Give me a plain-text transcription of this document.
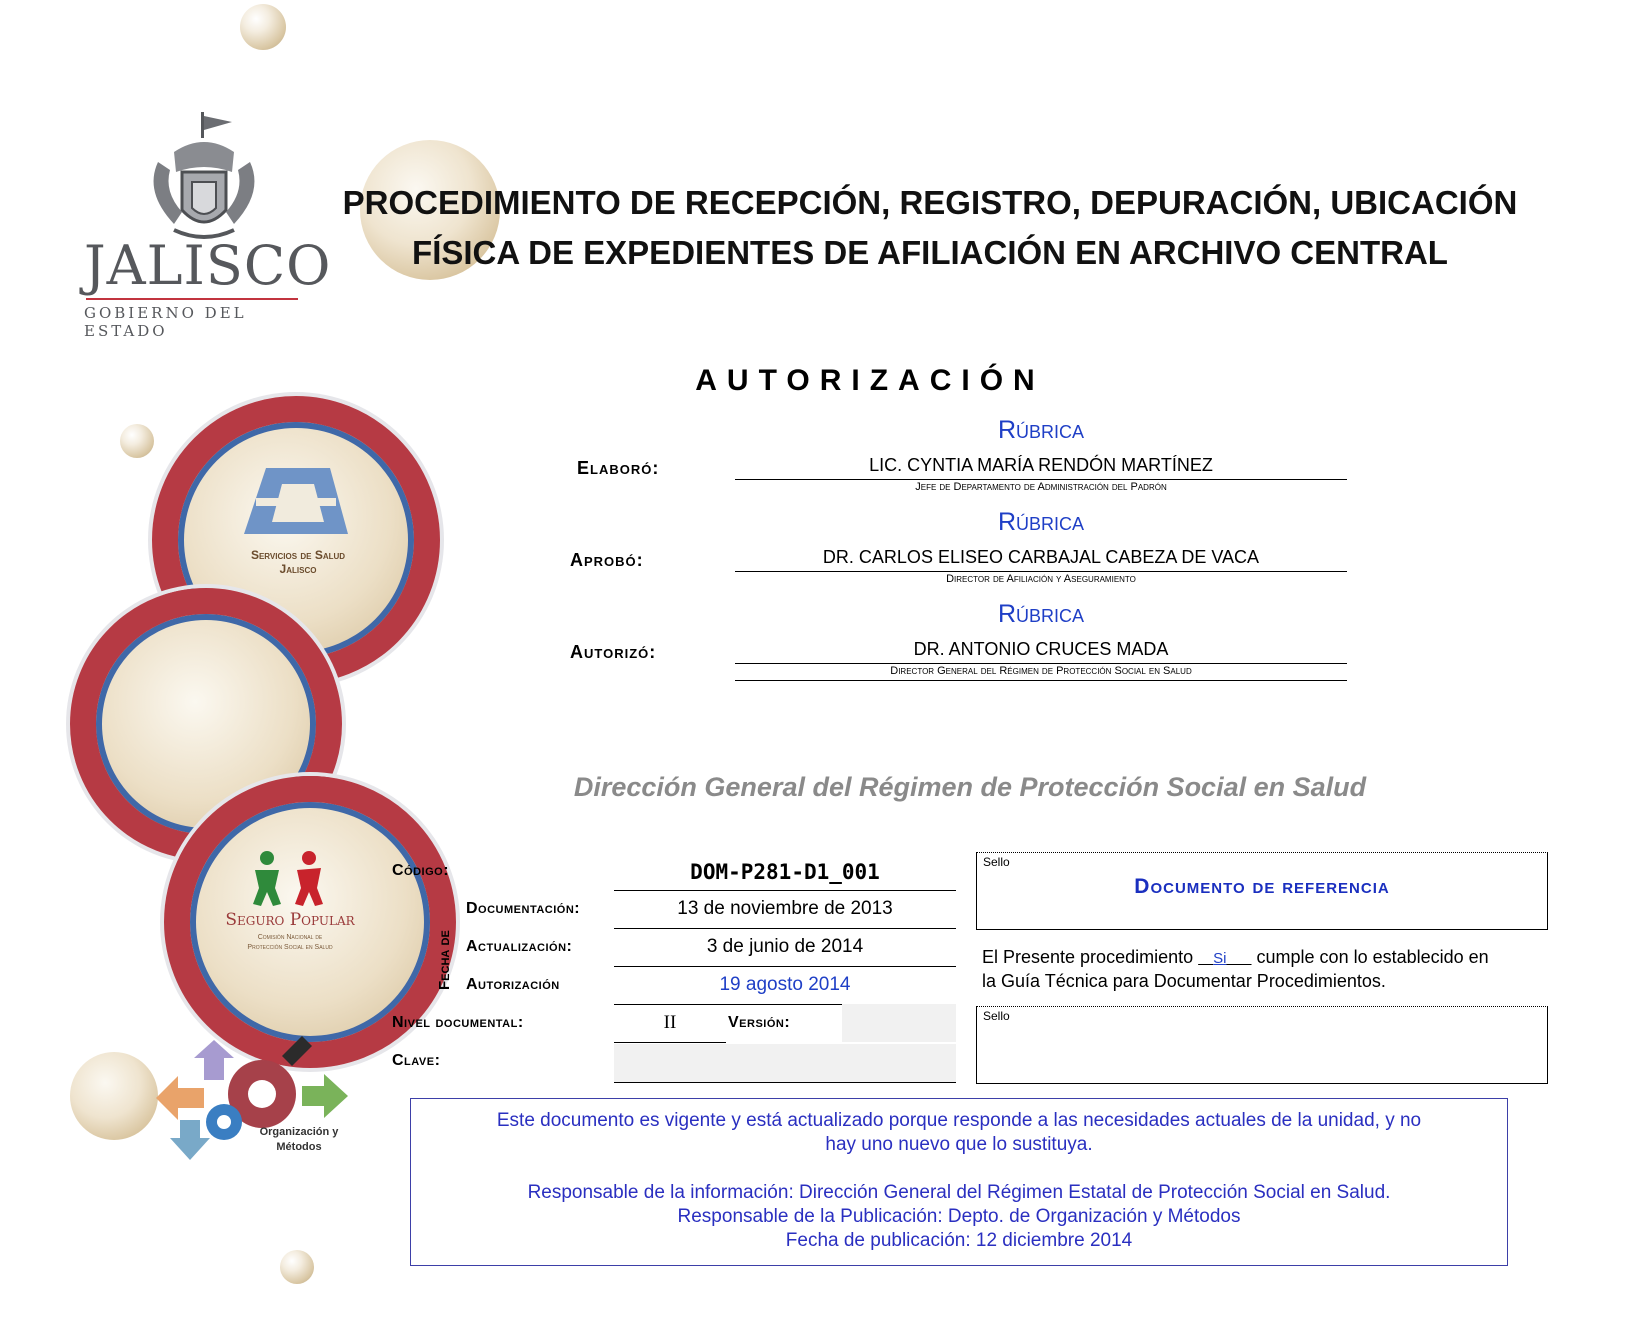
JALISCO
GOBIERNO DEL ESTADO
PROCEDIMIENTO DE RECEPCIÓN, REGISTRO, DEPURACIÓN, UBICACIÓN
FÍSICA DE EXPEDIENTES DE AFILIACIÓN EN ARCHIVO CENTRAL
Servicios de Salud
Jalisco
Seguro Popular
Comisión Nacional de
Protección Social en Salud
Organización y
Métodos
AUTORIZACIÓN
Elaboró:
Rúbrica
LIC. CYNTIA MARÍA RENDÓN MARTÍNEZ
Jefe de Departamento de Administración del Padrón
Aprobó:
Rúbrica
DR. CARLOS ELISEO CARBAJAL CABEZA DE VACA
Director de Afiliación y Aseguramiento
Autorizó:
Rúbrica
DR. ANTONIO CRUCES MADA
Director General del Régimen de Protección Social en Salud
Dirección General del Régimen de Protección Social en Salud
Código:	DOM-P281-D1_001
Fecha de
Documentación:	13 de noviembre de 2013
Actualización:	3 de junio de 2014
Autorización	19 agosto 2014
Nivel documental:	II	Versión:
Clave:
Sello
Documento de referencia
El Presente procedimiento Si cumple con lo establecido en
la Guía Técnica para Documentar Procedimientos.
Sello
Este documento es vigente y está actualizado porque responde a las necesidades actuales de la unidad, y no
hay uno nuevo que lo sustituya.
Responsable de la información: Dirección General del Régimen Estatal de Protección Social en Salud.
Responsable de la Publicación: Depto. de Organización y Métodos
Fecha de publicación: 12 diciembre 2014
